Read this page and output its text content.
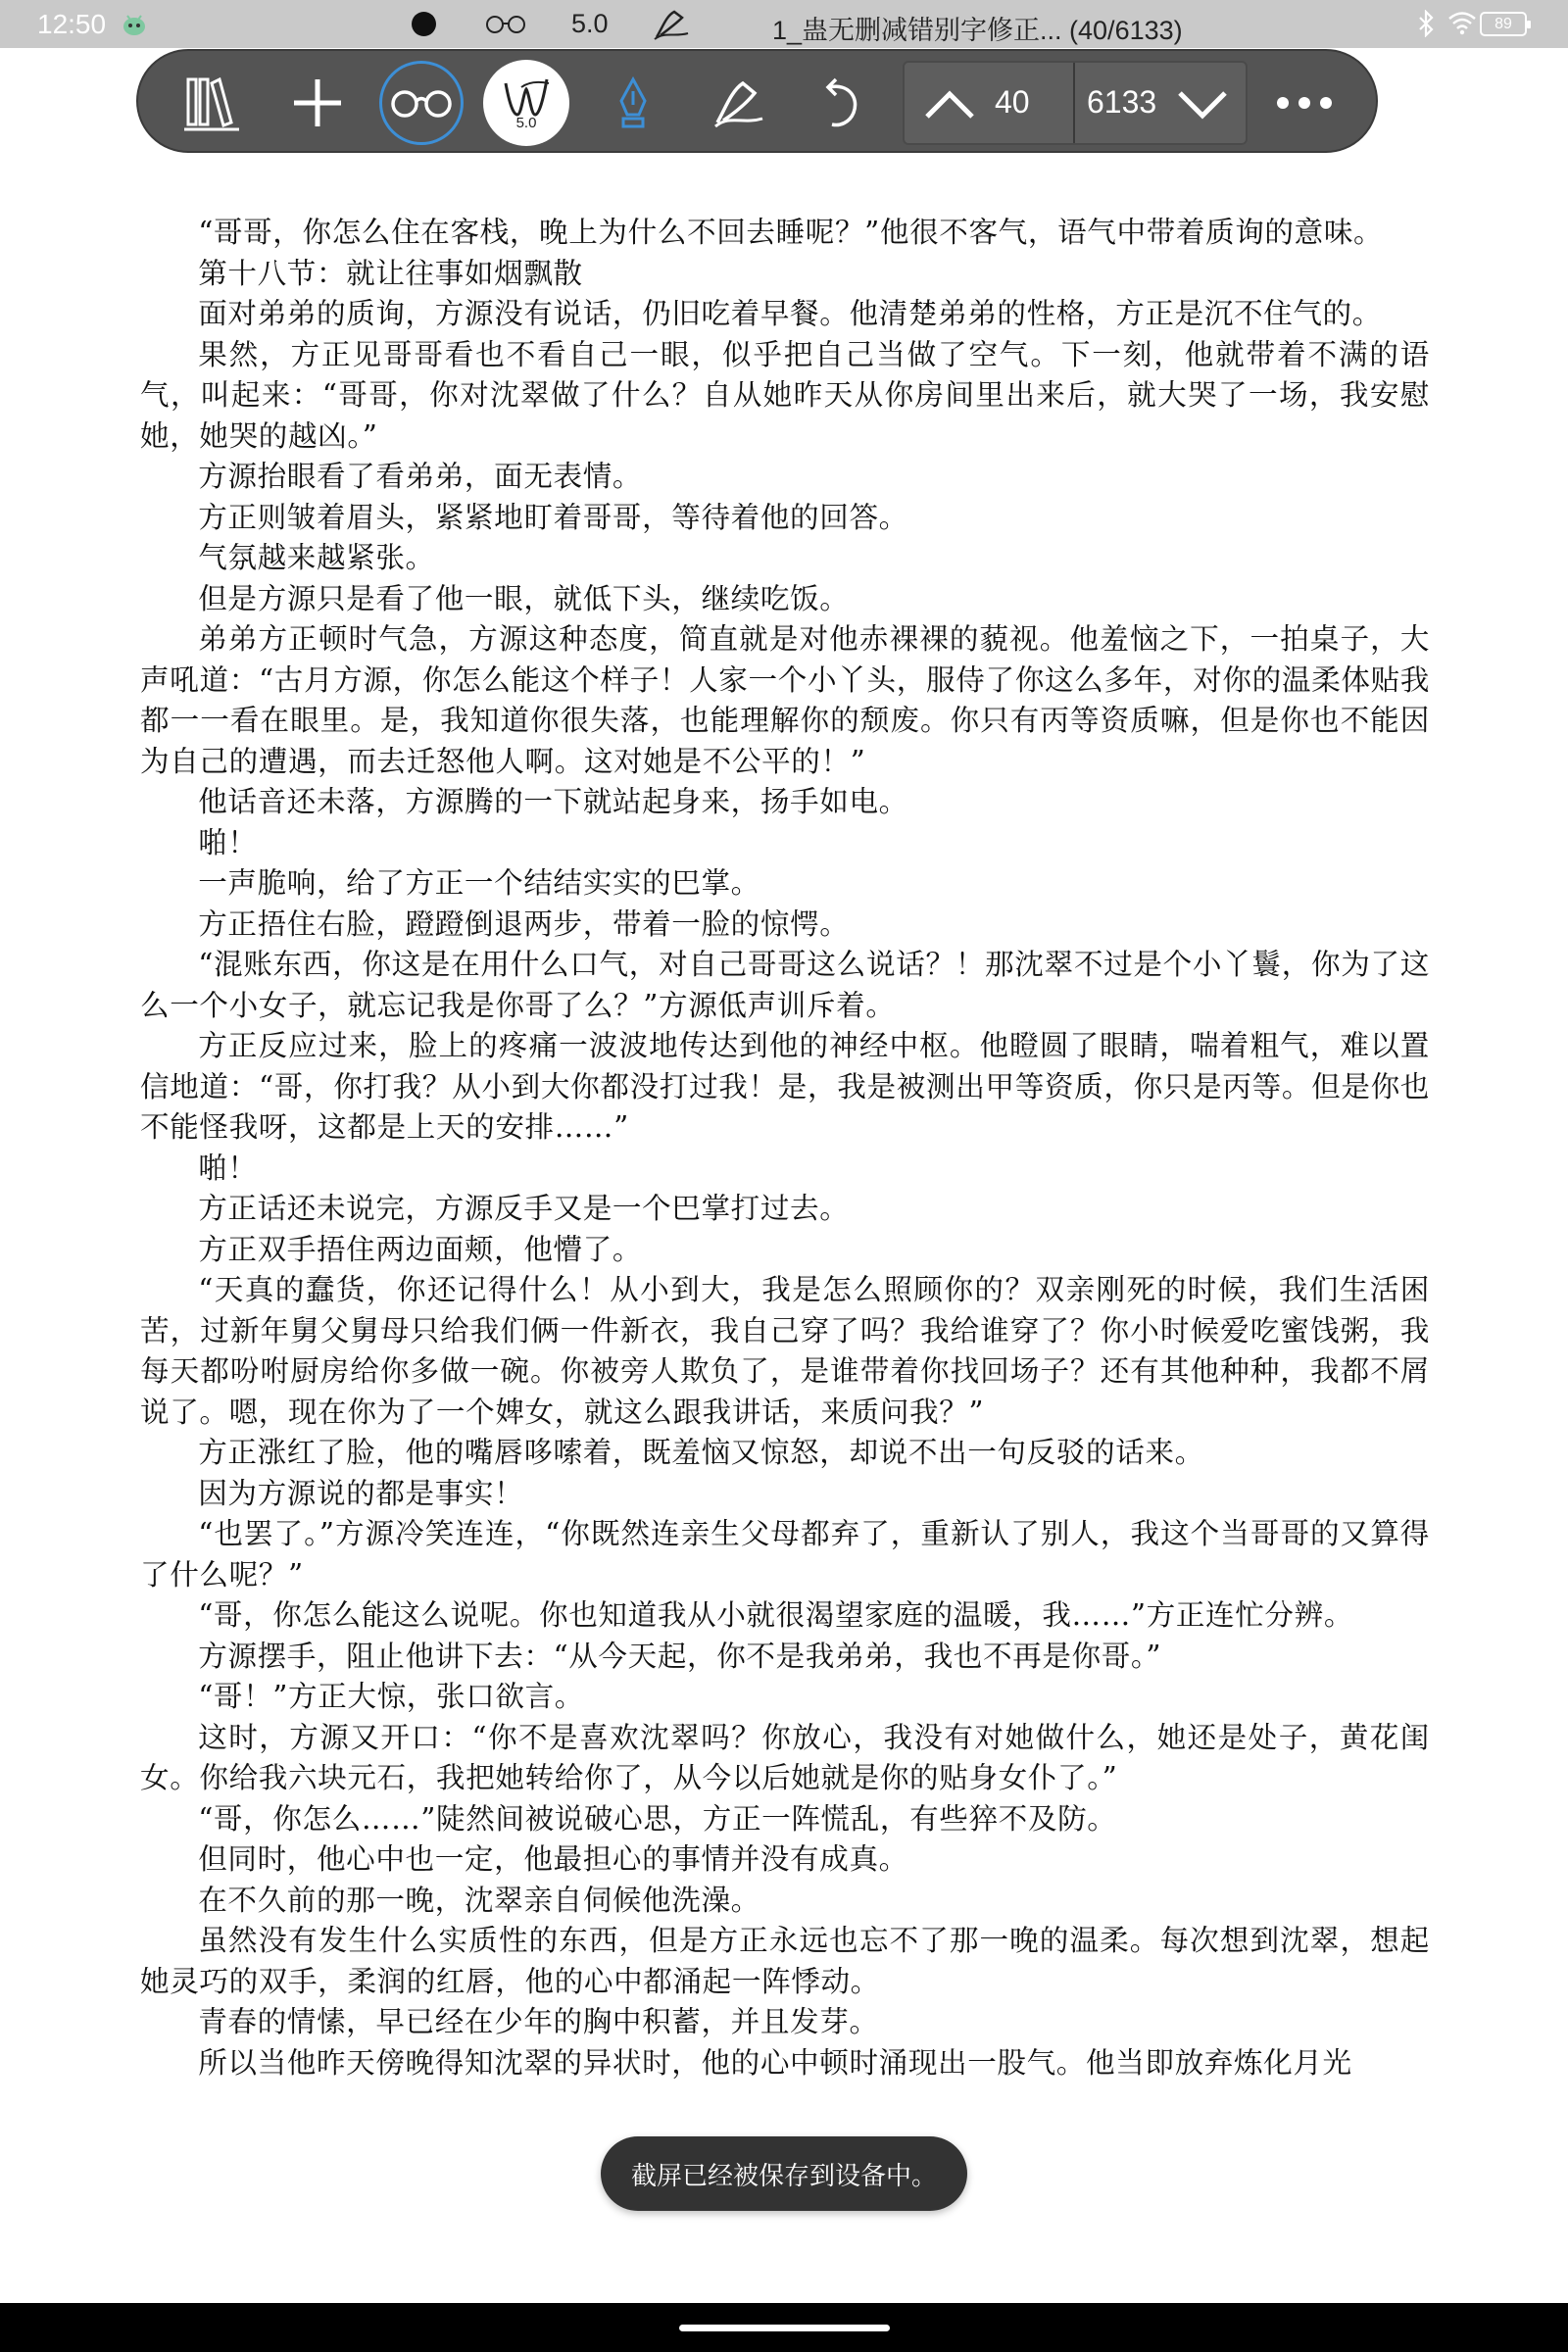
12:50	5.0	1_蛊无删减错别字修正... (40/6133)	89
5.0
40 6133

“哥哥，你怎么住在客栈，晚上为什么不回去睡呢？”他很不客气，语气中带着质询的意味。

第十八节：就让往事如烟飘散

面对弟弟的质询，方源没有说话，仍旧吃着早餐。他清楚弟弟的性格，方正是沉不住气的。

果然，方正见哥哥看也不看自己一眼，似乎把自己当做了空气。下一刻，他就带着不满的语气，叫起来：“哥哥，你对沈翠做了什么？自从她昨天从你房间里出来后，就大哭了一场，我安慰她，她哭的越凶。”

方源抬眼看了看弟弟，面无表情。

方正则皱着眉头，紧紧地盯着哥哥，等待着他的回答。

气氛越来越紧张。

但是方源只是看了他一眼，就低下头，继续吃饭。

弟弟方正顿时气急，方源这种态度，简直就是对他赤裸裸的藐视。他羞恼之下，一拍桌子，大声吼道：“古月方源，你怎么能这个样子！人家一个小丫头，服侍了你这么多年，对你的温柔体贴我都一一看在眼里。是，我知道你很失落，也能理解你的颓废。你只有丙等资质嘛，但是你也不能因为自己的遭遇，而去迁怒他人啊。这对她是不公平的！”

他话音还未落，方源腾的一下就站起身来，扬手如电。

啪！

一声脆响，给了方正一个结结实实的巴掌。

方正捂住右脸，蹬蹬倒退两步，带着一脸的惊愕。

“混账东西，你这是在用什么口气，对自己哥哥这么说话？！那沈翠不过是个小丫鬟，你为了这么一个小女子，就忘记我是你哥了么？”方源低声训斥着。

方正反应过来，脸上的疼痛一波波地传达到他的神经中枢。他瞪圆了眼睛，喘着粗气，难以置信地道：“哥，你打我？从小到大你都没打过我！是，我是被测出甲等资质，你只是丙等。但是你也不能怪我呀，这都是上天的安排……”

啪！

方正话还未说完，方源反手又是一个巴掌打过去。

方正双手捂住两边面颊，他懵了。

“天真的蠢货，你还记得什么！从小到大，我是怎么照顾你的？双亲刚死的时候，我们生活困苦，过新年舅父舅母只给我们俩一件新衣，我自己穿了吗？我给谁穿了？你小时候爱吃蜜饯粥，我每天都吩咐厨房给你多做一碗。你被旁人欺负了，是谁带着你找回场子？还有其他种种，我都不屑说了。嗯，现在你为了一个婢女，就这么跟我讲话，来质问我？”

方正涨红了脸，他的嘴唇哆嗦着，既羞恼又惊怒，却说不出一句反驳的话来。

因为方源说的都是事实！

“也罢了。”方源冷笑连连，“你既然连亲生父母都弃了，重新认了别人，我这个当哥哥的又算得了什么呢？”

“哥，你怎么能这么说呢。你也知道我从小就很渴望家庭的温暖，我……”方正连忙分辨。

方源摆手，阻止他讲下去：“从今天起，你不是我弟弟，我也不再是你哥。”

“哥！”方正大惊，张口欲言。

这时，方源又开口：“你不是喜欢沈翠吗？你放心，我没有对她做什么，她还是处子，黄花闺女。你给我六块元石，我把她转给你了，从今以后她就是你的贴身女仆了。”

“哥，你怎么……”陡然间被说破心思，方正一阵慌乱，有些猝不及防。

但同时，他心中也一定，他最担心的事情并没有成真。

在不久前的那一晚，沈翠亲自伺候他洗澡。

虽然没有发生什么实质性的东西，但是方正永远也忘不了那一晚的温柔。每次想到沈翠，想起她灵巧的双手，柔润的红唇，他的心中都涌起一阵悸动。

青春的情愫，早已经在少年的胸中积蓄，并且发芽。

所以当他昨天傍晚得知沈翠的异状时，他的心中顿时涌现出一股气。他当即放弃炼化月光

截屏已经被保存到设备中。
